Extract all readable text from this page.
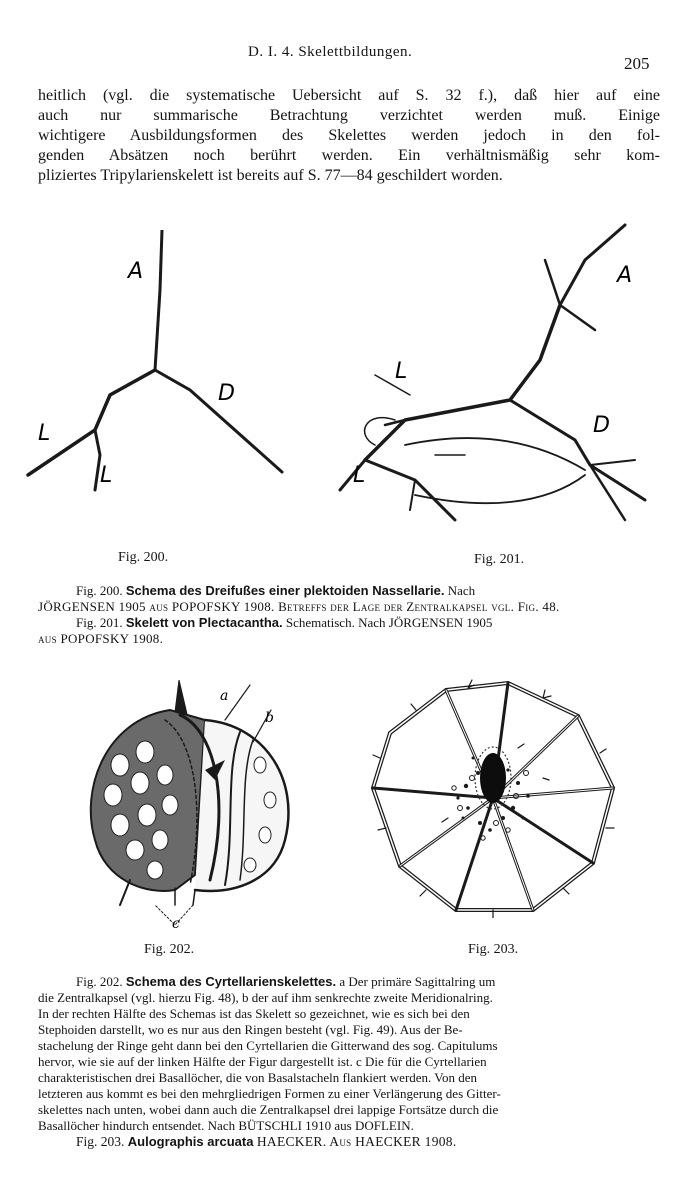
D. I. 4. Skelettbildungen.
205
heitlich (vgl. die systematische Uebersicht auf S. 32 f.), daß hier auf eine
auch nur summarische Betrachtung verzichtet werden muß. Einige
wichtigere Ausbildungsformen des Skelettes werden jedoch in den fol-
genden Absätzen noch berührt werden. Ein verhältnismäßig sehr kom-
pliziertes Tripylarienskelett ist bereits auf S. 77—84 geschildert worden.
A
D
L
L
Fig. 200.
A
L
D
L
Fig. 201.
Fig. 200. Schema des Dreifußes einer plektoiden Nassellarie. Nach
JÖRGENSEN 1905 aus POPOFSKY 1908. Betreffs der Lage der Zentralkapsel vgl. Fig. 48.
Fig. 201. Skelett von Plectacantha. Schematisch. Nach JÖRGENSEN 1905
aus POPOFSKY 1908.
a
b
c
Fig. 202.	Fig. 203.
Fig. 202. Schema des Cyrtellarienskelettes. a Der primäre Sagittalring um
die Zentralkapsel (vgl. hierzu Fig. 48), b der auf ihm senkrechte zweite Meridionalring.
In der rechten Hälfte des Schemas ist das Skelett so gezeichnet, wie es sich bei den
Stephoiden darstellt, wo es nur aus den Ringen besteht (vgl. Fig. 49). Aus der Be-
stachelung der Ringe geht dann bei den Cyrtellarien die Gitterwand des sog. Capitulums
hervor, wie sie auf der linken Hälfte der Figur dargestellt ist. c Die für die Cyrtellarien
charakteristischen drei Basallöcher, die von Basalstacheln flankiert werden. Von den
letzteren aus kommt es bei den mehrgliedrigen Formen zu einer Verlängerung des Gitter-
skelettes nach unten, wobei dann auch die Zentralkapsel drei lappige Fortsätze durch die
Basallöcher hindurch entsendet. Nach BÜTSCHLI 1910 aus DOFLEIN.
Fig. 203. Aulographis arcuata HAECKER. Aus HAECKER 1908.
